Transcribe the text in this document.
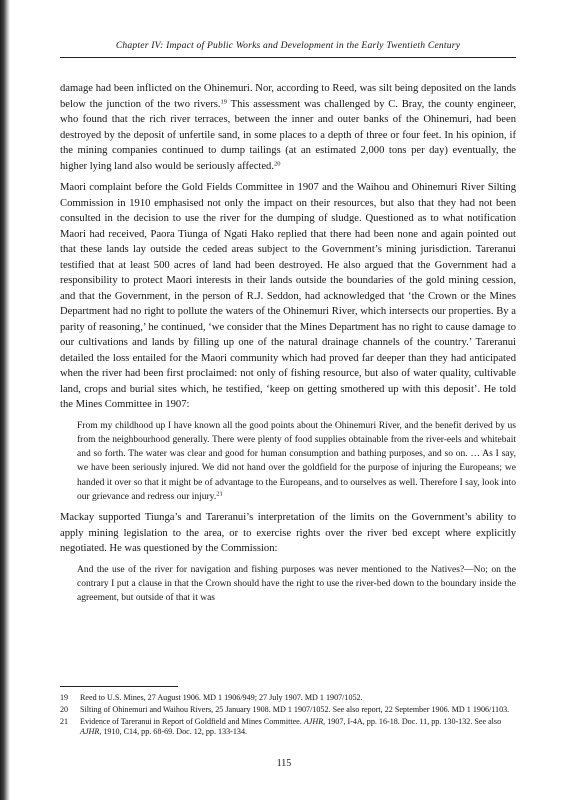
Chapter IV: Impact of Public Works and Development in the Early Twentieth Century

damage had been inflicted on the Ohinemuri. Nor, according to Reed, was silt being deposited on the lands below the junction of the two rivers.$^{19}$ This assessment was challenged by C. Bray, the county engineer, who found that the rich river terraces, between the inner and outer banks of the Ohinemuri, had been destroyed by the deposit of unfertile sand, in some places to a depth of three or four feet. In his opinion, if the mining companies continued to dump tailings (at an estimated 2,000 tons per day) eventually, the higher lying land also would be seriously affected.$^{20}$

Maori complaint before the Gold Fields Committee in 1907 and the Waihou and Ohinemuri River Silting Commission in 1910 emphasised not only the impact on their resources, but also that they had not been consulted in the decision to use the river for the dumping of sludge. Questioned as to what notification Maori had received, Paora Tiunga of Ngati Hako replied that there had been none and again pointed out that these lands lay outside the ceded areas subject to the Government’s mining jurisdiction. Tareranui testified that at least 500 acres of land had been destroyed. He also argued that the Government had a responsibility to protect Maori interests in their lands outside the boundaries of the gold mining cession, and that the Government, in the person of R.J. Seddon, had acknowledged that ‘the Crown or the Mines Department had no right to pollute the waters of the Ohinemuri River, which intersects our properties. By a parity of reasoning,’ he continued, ‘we consider that the Mines Department has no right to cause damage to our cultivations and lands by filling up one of the natural drainage channels of the country.’ Tareranui detailed the loss entailed for the Maori community which had proved far deeper than they had anticipated when the river had been first proclaimed: not only of fishing resource, but also of water quality, cultivable land, crops and burial sites which, he testified, ‘keep on getting smothered up with this deposit’. He told the Mines Committee in 1907:

From my childhood up I have known all the good points about the Ohinemuri River, and the benefit derived by us from the neighbourhood generally. There were plenty of food supplies obtainable from the river-eels and whitebait and so forth. The water was clear and good for human consumption and bathing purposes, and so on. … As I say, we have been seriously injured. We did not hand over the goldfield for the purpose of injuring the Europeans; we handed it over so that it might be of advantage to the Europeans, and to ourselves as well. Therefore I say, look into our grievance and redress our injury.$^{21}$

Mackay supported Tiunga’s and Tareranui’s interpretation of the limits on the Government’s ability to apply mining legislation to the area, or to exercise rights over the river bed except where explicitly negotiated. He was questioned by the Commission:

And the use of the river for navigation and fishing purposes was never mentioned to the Natives?—No; on the contrary I put a clause in that the Crown should have the right to use the river-bed down to the boundary inside the agreement, but outside of that it was

19	Reed to U.S. Mines, 27 August 1906. MD 1 1906/949; 27 July 1907. MD 1 1907/1052.
20	Silting of Ohinemuri and Waihou Rivers, 25 January 1908. MD 1 1907/1052. See also report, 22 September 1906. MD 1 1906/1103.
21	Evidence of Tareranui in Report of Goldfield and Mines Committee. AJHR, 1907, I-4A, pp. 16-18. Doc. 11, pp. 130-132. See also AJHR, 1910, C14, pp. 68-69. Doc. 12, pp. 133-134.
115
